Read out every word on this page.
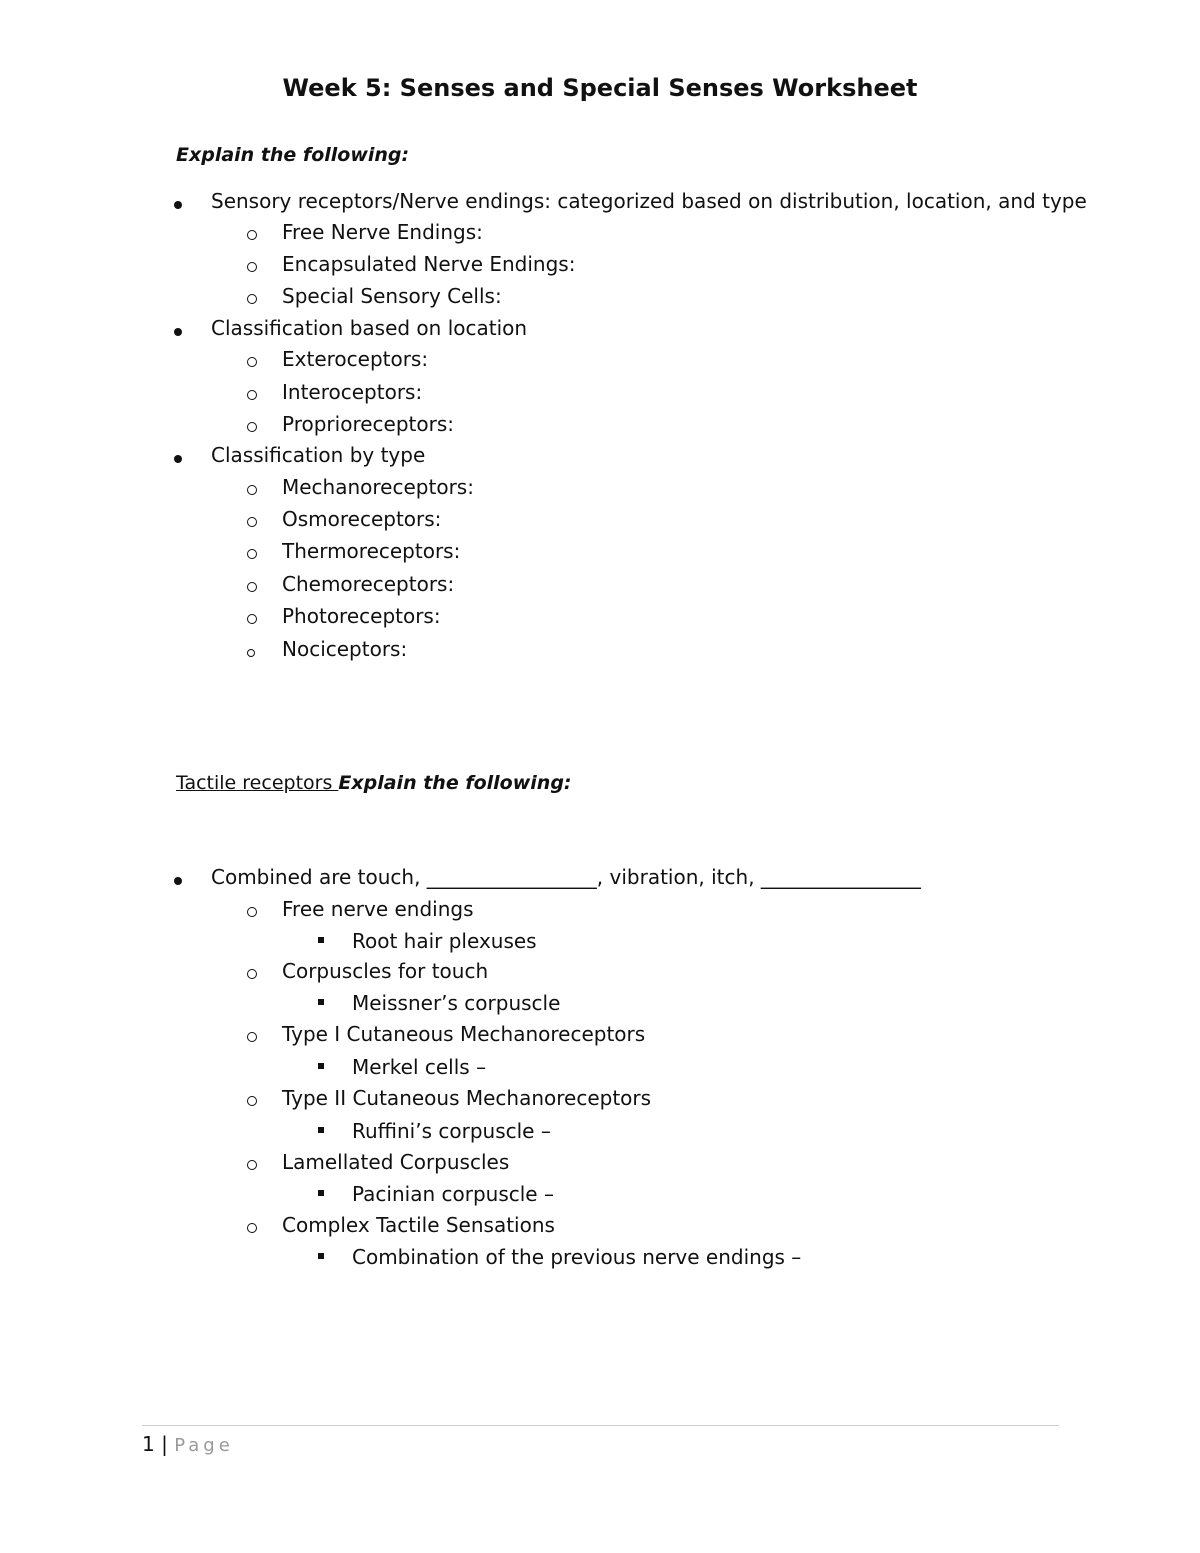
Week 5: Senses and Special Senses Worksheet
Explain the following:
Sensory receptors/Nerve endings: categorized based on distribution, location, and type
Free Nerve Endings:
Encapsulated Nerve Endings:
Special Sensory Cells:
Classification based on location
Exteroceptors:
Interoceptors:
Proprioreceptors:
Classification by type
Mechanoreceptors:
Osmoreceptors:
Thermoreceptors:
Chemoreceptors:
Photoreceptors:
Nociceptors:
Tactile receptors Explain the following:
Combined are touch, _________________, vibration, itch, ________________
Free nerve endings
Root hair plexuses
Corpuscles for touch
Meissner’s corpuscle
Type I Cutaneous Mechanoreceptors
Merkel cells –
Type II Cutaneous Mechanoreceptors
Ruffini’s corpuscle –
Lamellated Corpuscles
Pacinian corpuscle –
Complex Tactile Sensations
Combination of the previous nerve endings –
1 | Page
